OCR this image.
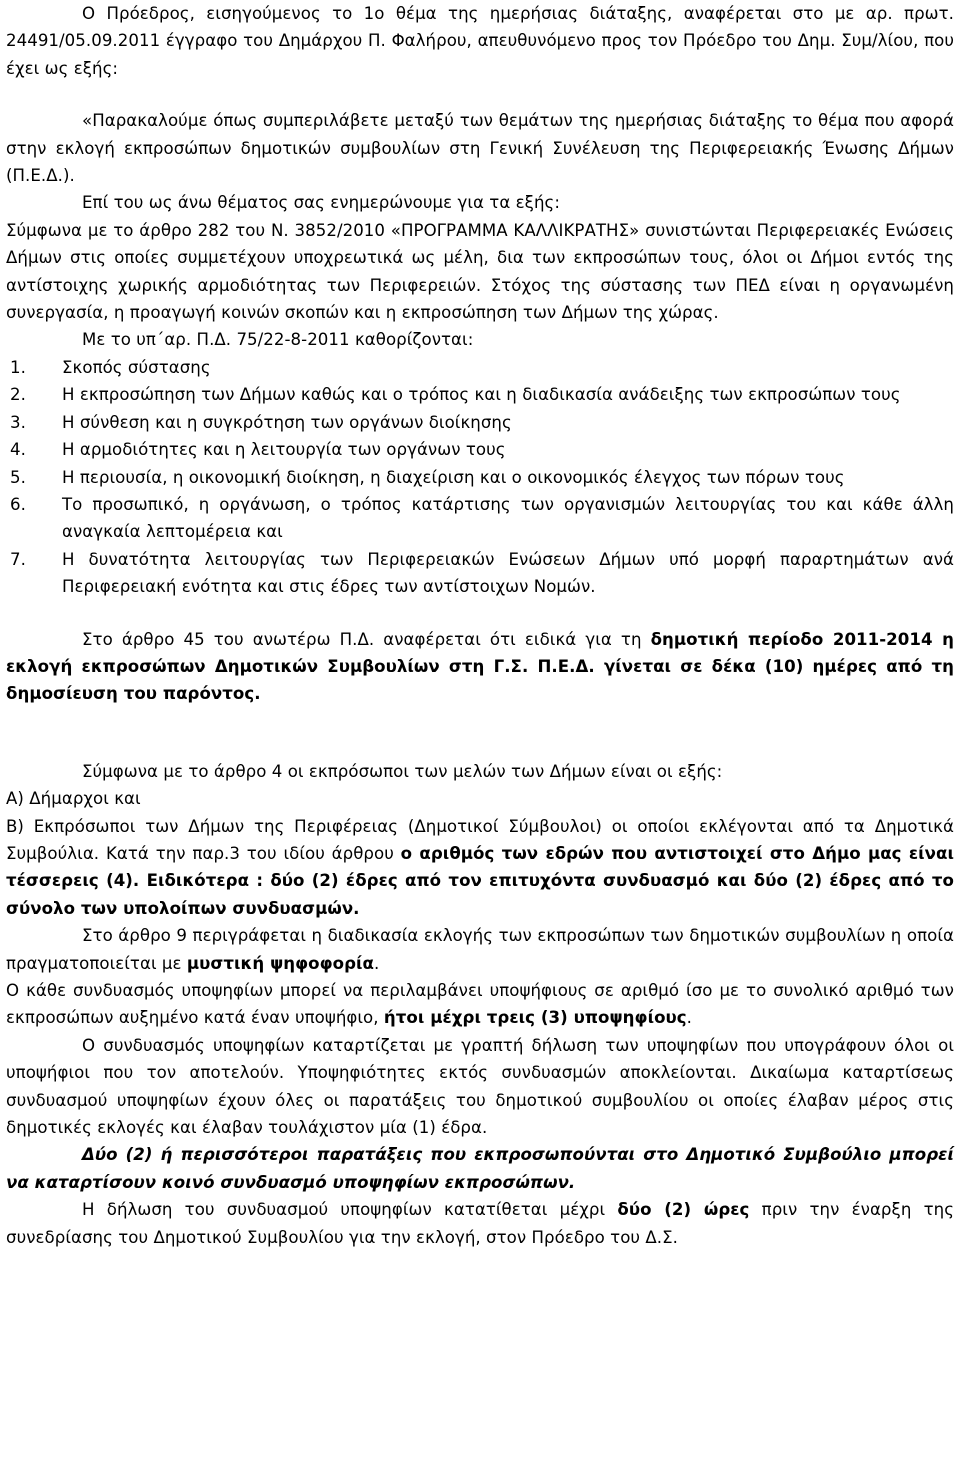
Ο Πρόεδρος, εισηγούμενος το 1ο θέμα της ημερήσιας διάταξης, αναφέρεται στο με αρ. πρωτ. 24491/05.09.2011 έγγραφο του Δημάρχου Π. Φαλήρου, απευθυνόμενο προς τον Πρόεδρο του Δημ. Συμ/λίου, που έχει ως εξής:

«Παρακαλούμε όπως συμπεριλάβετε μεταξύ των θεμάτων της ημερήσιας διάταξης το θέμα που αφορά στην εκλογή εκπροσώπων δημοτικών συμβουλίων στη Γενική Συνέλευση της Περιφερειακής Ένωσης Δήμων (Π.Ε.Δ.).

Επί του ως άνω θέματος σας ενημερώνουμε για τα εξής:

Σύμφωνα με το άρθρο 282 του Ν. 3852/2010 «ΠΡΟΓΡΑΜΜΑ ΚΑΛΛΙΚΡΑΤΗΣ» συνιστώνται Περιφερειακές Ενώσεις Δήμων στις οποίες συμμετέχουν υποχρεωτικά ως μέλη, δια των εκπροσώπων τους, όλοι οι Δήμοι εντός της αντίστοιχης χωρικής αρμοδιότητας των Περιφερειών. Στόχος της σύστασης των ΠΕΔ είναι η οργανωμένη συνεργασία, η προαγωγή κοινών σκοπών και η εκπροσώπηση των Δήμων της χώρας.

Με το υπ΄αρ. Π.Δ. 75/22-8-2011 καθορίζονται:

1.	Σκοπός σύστασης
2.	Η εκπροσώπηση των Δήμων καθώς και ο τρόπος και η διαδικασία ανάδειξης των εκπροσώπων τους
3.	Η σύνθεση και η συγκρότηση των οργάνων διοίκησης
4.	Η αρμοδιότητες και η λειτουργία των οργάνων τους
5.	Η περιουσία, η οικονομική διοίκηση, η διαχείριση και ο οικονομικός έλεγχος των πόρων τους
6.	Το προσωπικό, η οργάνωση, ο τρόπος κατάρτισης των οργανισμών λειτουργίας του και κάθε άλλη αναγκαία λεπτομέρεια και
7.	Η δυνατότητα λειτουργίας των Περιφερειακών Ενώσεων Δήμων υπό μορφή παραρτημάτων ανά Περιφερειακή ενότητα και στις έδρες των αντίστοιχων Νομών.

Στο άρθρο 45 του ανωτέρω Π.Δ. αναφέρεται ότι ειδικά για τη δημοτική περίοδο 2011-2014 η εκλογή εκπροσώπων Δημοτικών Συμβουλίων στη Γ.Σ. Π.Ε.Δ. γίνεται σε δέκα (10) ημέρες από τη δημοσίευση του παρόντος.

Σύμφωνα με το άρθρο 4 οι εκπρόσωποι των μελών των Δήμων είναι οι εξής:

Α) Δήμαρχοι και

Β) Εκπρόσωποι των Δήμων της Περιφέρειας (Δημοτικοί Σύμβουλοι) οι οποίοι εκλέγονται από τα Δημοτικά Συμβούλια. Κατά την παρ.3 του ιδίου άρθρου ο αριθμός των εδρών που αντιστοιχεί στο Δήμο μας είναι τέσσερεις (4). Ειδικότερα : δύο (2) έδρες από τον επιτυχόντα συνδυασμό και δύο (2) έδρες από το σύνολο των υπολοίπων συνδυασμών.

Στο άρθρο 9 περιγράφεται η διαδικασία εκλογής των εκπροσώπων των δημοτικών συμβουλίων η οποία πραγματοποιείται με μυστική ψηφοφορία.

Ο κάθε συνδυασμός υποψηφίων μπορεί να περιλαμβάνει υποψήφιους σε αριθμό ίσο με το συνολικό αριθμό των εκπροσώπων αυξημένο κατά έναν υποψήφιο, ήτοι μέχρι τρεις (3) υποψηφίους.

Ο συνδυασμός υποψηφίων καταρτίζεται με γραπτή δήλωση των υποψηφίων που υπογράφουν όλοι οι υποψήφιοι που τον αποτελούν. Υποψηφιότητες εκτός συνδυασμών αποκλείονται. Δικαίωμα καταρτίσεως συνδυασμού υποψηφίων έχουν όλες οι παρατάξεις του δημοτικού συμβουλίου οι οποίες έλαβαν μέρος στις δημοτικές εκλογές και έλαβαν τουλάχιστον μία (1) έδρα.

Δύο (2) ή περισσότεροι παρατάξεις που εκπροσωπούνται στο Δημοτικό Συμβούλιο μπορεί να καταρτίσουν κοινό συνδυασμό υποψηφίων εκπροσώπων.

Η δήλωση του συνδυασμού υποψηφίων κατατίθεται μέχρι δύο (2) ώρες πριν την έναρξη της συνεδρίασης του Δημοτικού Συμβουλίου για την εκλογή, στον Πρόεδρο του Δ.Σ.
